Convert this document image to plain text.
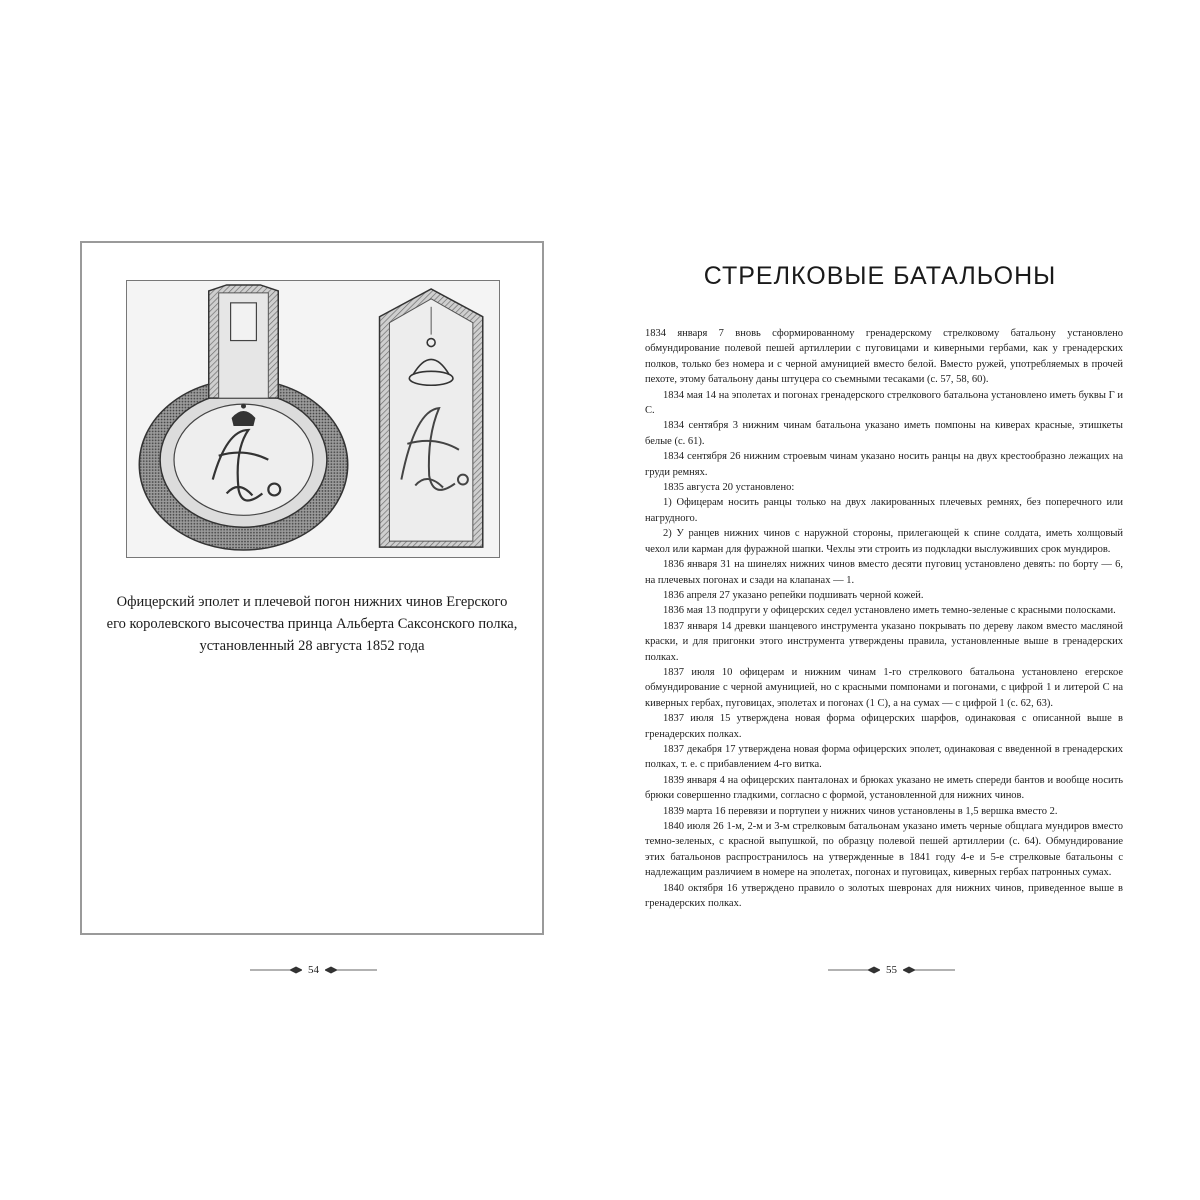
Офицерский эполет и плечевой погон нижних чинов Егерского
его королевского высочества принца Альберта Саксонского полка,
установленный 28 августа 1852 года
54
СТРЕЛКОВЫЕ БАТАЛЬОНЫ

1834 января 7 вновь сформированному гренадерскому стрелковому батальону установлено обмундирование полевой пешей артиллерии с пуговицами и киверными гербами, как у гренадерских полков, только без номера и с черной амуницией вместо белой. Вместо ружей, употребляемых в прочей пехоте, этому батальону даны штуцера со съемными тесаками (с. 57, 58, 60).

1834 мая 14 на эполетах и погонах гренадерского стрелкового батальона установлено иметь буквы Г и С.

1834 сентября 3 нижним чинам батальона указано иметь помпоны на киверах красные, этишкеты белые (с. 61).

1834 сентября 26 нижним строевым чинам указано носить ранцы на двух крестообразно лежащих на груди ремнях.

1835 августа 20 установлено:

1) Офицерам носить ранцы только на двух лакированных плечевых ремнях, без поперечного или нагрудного.

2) У ранцев нижних чинов с наружной стороны, прилегающей к спине солдата, иметь холщовый чехол или карман для фуражной шапки. Чехлы эти строить из подкладки выслуживших срок мундиров.

1836 января 31 на шинелях нижних чинов вместо десяти пуговиц установлено девять: по борту — 6, на плечевых погонах и сзади на клапанах — 1.

1836 апреля 27 указано репейки подшивать черной кожей.

1836 мая 13 подпруги у офицерских седел установлено иметь темно-зеленые с красными полосками.

1837 января 14 древки шанцевого инструмента указано покрывать по дереву лаком вместо масляной краски, и для пригонки этого инструмента утверждены правила, установленные выше в гренадерских полках.

1837 июля 10 офицерам и нижним чинам 1-го стрелкового батальона установлено егерское обмундирование с черной амуницией, но с красными помпонами и погонами, с цифрой 1 и литерой С на киверных гербах, пуговицах, эполетах и погонах (1 С), а на сумах — с цифрой 1 (с. 62, 63).

1837 июля 15 утверждена новая форма офицерских шарфов, одинаковая с описанной выше в гренадерских полках.

1837 декабря 17 утверждена новая форма офицерских эполет, одинаковая с введенной в гренадерских полках, т. е. с прибавлением 4-го витка.

1839 января 4 на офицерских панталонах и брюках указано не иметь спереди бантов и вообще носить брюки совершенно гладкими, согласно с формой, установленной для нижних чинов.

1839 марта 16 перевязи и портупеи у нижних чинов установлены в 1,5 вершка вместо 2.

1840 июля 26 1-м, 2-м и 3-м стрелковым батальонам указано иметь черные общлага мундиров вместо темно-зеленых, с красной выпушкой, по образцу полевой пешей артиллерии (с. 64). Обмундирование этих батальонов распространилось на утвержденные в 1841 году 4-е и 5-е стрелковые батальоны с надлежащим различием в номере на эполетах, погонах и пуговицах, киверных гербах патронных сумах.

1840 октября 16 утверждено правило о золотых шевронах для нижних чинов, приведенное выше в гренадерских полках.

55
